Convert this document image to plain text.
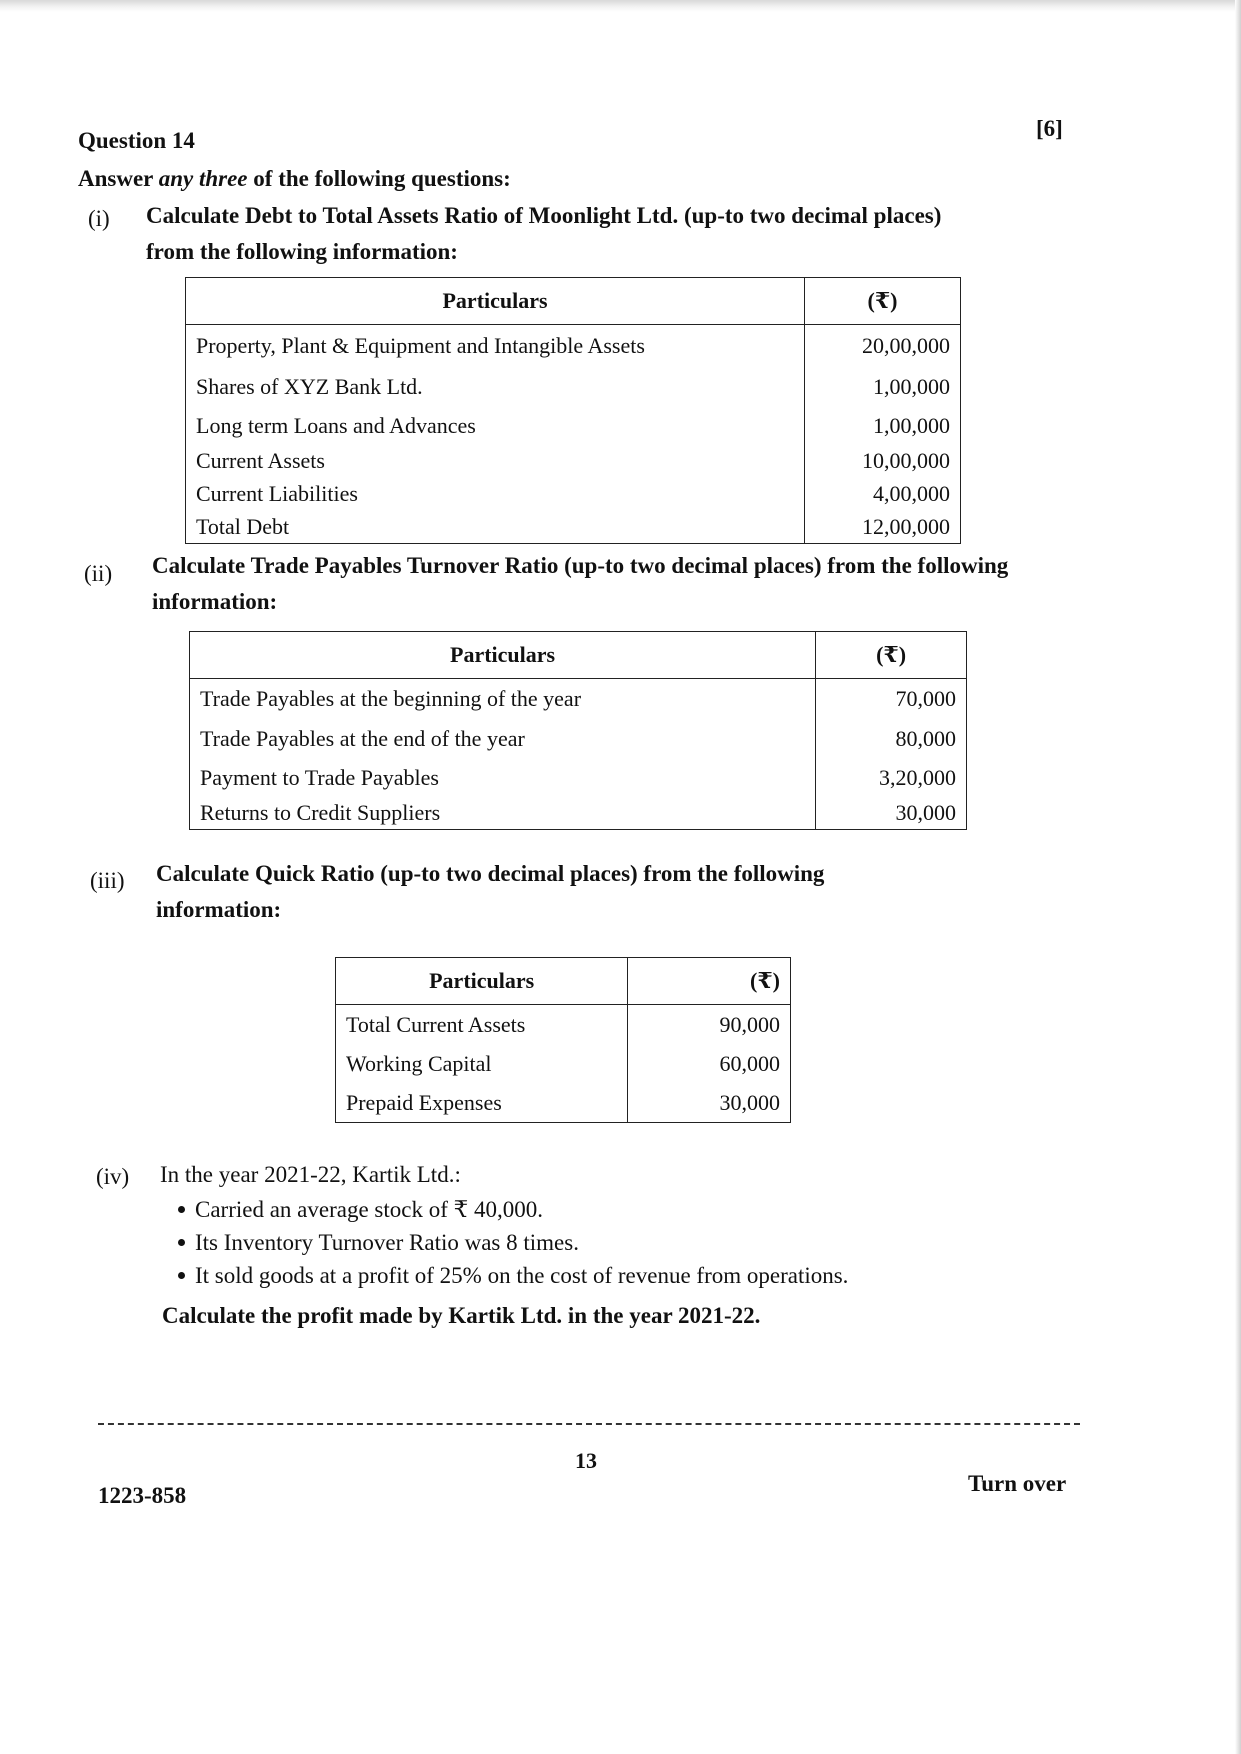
Question 14	[6]
Answer any three of the following questions:
(i) Calculate Debt to Total Assets Ratio of Moonlight Ltd. (up-to two decimal places) from the following information:
Particulars	(₹)
Property, Plant & Equipment and Intangible Assets	20,00,000
Shares of XYZ Bank Ltd.	1,00,000
Long term Loans and Advances	1,00,000
Current Assets	10,00,000
Current Liabilities	4,00,000
Total Debt	12,00,000
(ii) Calculate Trade Payables Turnover Ratio (up-to two decimal places) from the following information:
Particulars	(₹)
Trade Payables at the beginning of the year	70,000
Trade Payables at the end of the year	80,000
Payment to Trade Payables	3,20,000
Returns to Credit Suppliers	30,000
(iii) Calculate Quick Ratio (up-to two decimal places) from the following information:
Particulars	(₹)
Total Current Assets	90,000
Working Capital	60,000
Prepaid Expenses	30,000
(iv) In the year 2021-22, Kartik Ltd.:
Carried an average stock of ₹ 40,000.
Its Inventory Turnover Ratio was 8 times.
It sold goods at a profit of 25% on the cost of revenue from operations.
Calculate the profit made by Kartik Ltd. in the year 2021-22.
13
1223-858	Turn over
